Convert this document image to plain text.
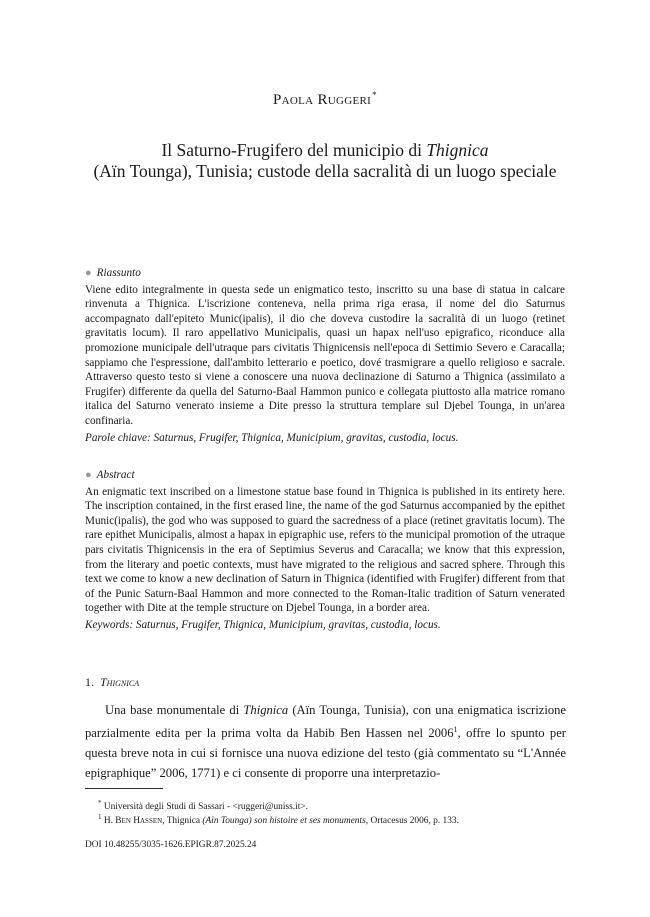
Paola Ruggeri*
Il Saturno-Frugifero del municipio di Thignica
(Aïn Tounga), Tunisia; custode della sacralità di un luogo speciale

● Riassunto

Viene edito integralmente in questa sede un enigmatico testo, inscritto su una base di statua in calcare rinvenuta a Thignica. L'iscrizione conteneva, nella prima riga erasa, il nome del dio Saturnus accompagnato dall'epiteto Munic(ipalis), il dio che doveva custodire la sacralità di un luogo (retinet gravitatis locum). Il raro appellativo Municipalis, quasi un hapax nell'uso epigrafico, riconduce alla promozione municipale dell'utraque pars civitatis Thignicensis nell'epoca di Settimio Severo e Caracalla; sappiamo che l'espressione, dall'ambito letterario e poetico, dové trasmigrare a quello religioso e sacrale. Attraverso questo testo si viene a conoscere una nuova declinazione di Saturno a Thignica (assimilato a Frugifer) differente da quella del Saturno-Baal Hammon punico e collegata piuttosto alla matrice romano italica del Saturno venerato insieme a Dite presso la struttura templare sul Djebel Tounga, in un'area confinaria.

Parole chiave: Saturnus, Frugifer, Thignica, Municipium, gravitas, custodia, locus.

● Abstract

An enigmatic text inscribed on a limestone statue base found in Thignica is published in its entirety here. The inscription contained, in the first erased line, the name of the god Saturnus accompanied by the epithet Munic(ipalis), the god who was supposed to guard the sacredness of a place (retinet gravitatis locum). The rare epithet Municipalis, almost a hapax in epigraphic use, refers to the municipal promotion of the utraque pars civitatis Thignicensis in the era of Septimius Severus and Caracalla; we know that this expression, from the literary and poetic contexts, must have migrated to the religious and sacred sphere. Through this text we come to know a new declination of Saturn in Thignica (identified with Frugifer) different from that of the Punic Saturn-Baal Hammon and more connected to the Roman-Italic tradition of Saturn venerated together with Dite at the temple structure on Djebel Tounga, in a border area.

Keywords: Saturnus, Frugifer, Thignica, Municipium, gravitas, custodia, locus.

1. Thignica

Una base monumentale di Thignica (Aïn Tounga, Tunisia), con una enigmatica iscrizione parzialmente edita per la prima volta da Habib Ben Hassen nel 2006$^1$, offre lo spunto per questa breve nota in cui si fornisce una nuova edizione del testo (già commentato su “L'Année epigraphique” 2006, 1771) e ci consente di proporre una interpretazio-

* Università degli Studi di Sassari - <ruggeri@uniss.it>.
$^1$ H. Ben Hassen, Thignica (Aïn Tounga) son histoire et ses monuments, Ortacesus 2006, p. 133.
DOI 10.48255/3035-1626.EPIGR.87.2025.24
